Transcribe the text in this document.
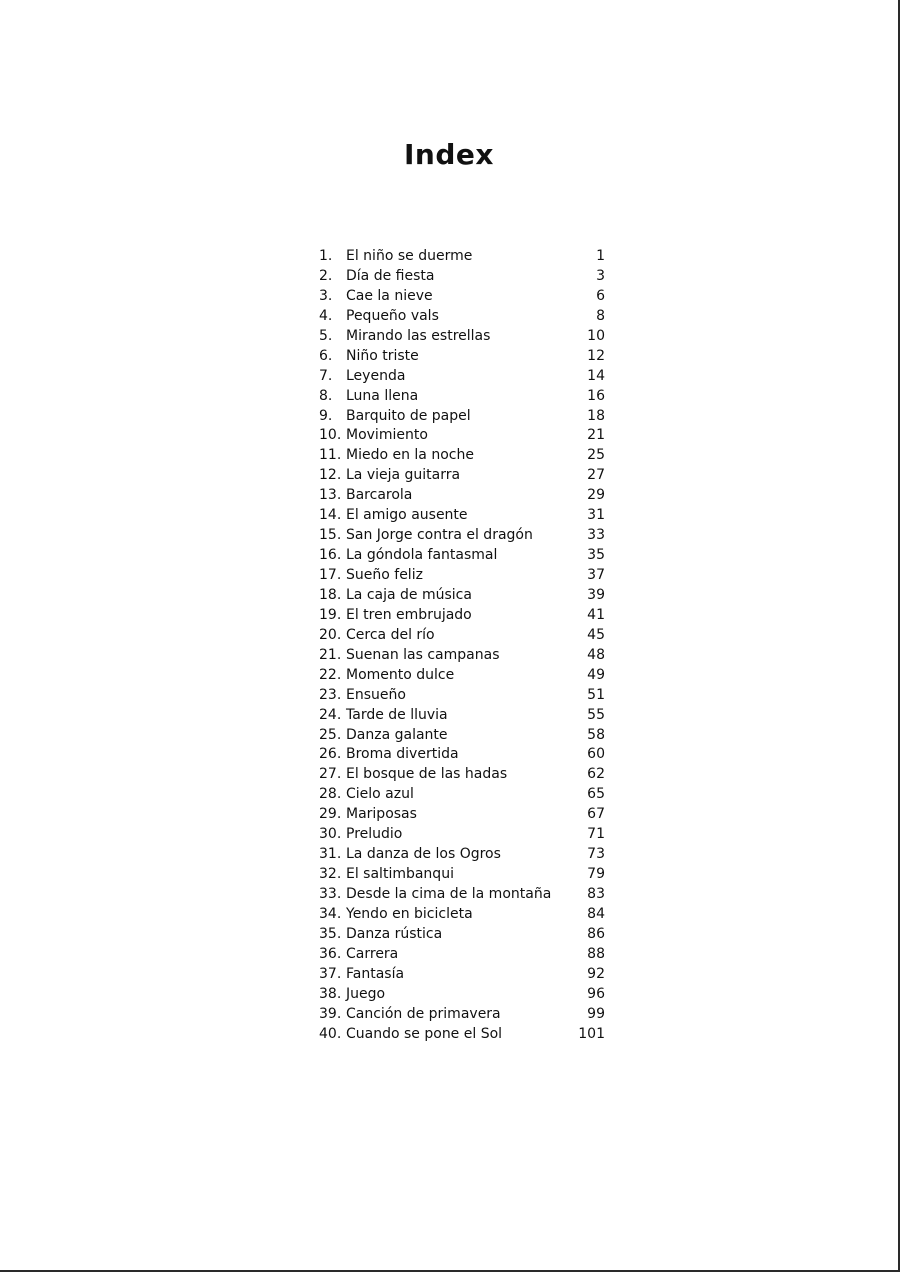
Index
1. El niño se duerme	1
2. Día de fiesta	3
3. Cae la nieve	6
4. Pequeño vals	8
5. Mirando las estrellas	10
6. Niño triste	12
7. Leyenda	14
8. Luna llena	16
9. Barquito de papel	18
10. Movimiento	21
11. Miedo en la noche	25
12. La vieja guitarra	27
13. Barcarola	29
14. El amigo ausente	31
15. San Jorge contra el dragón	33
16. La góndola fantasmal	35
17. Sueño feliz	37
18. La caja de música	39
19. El tren embrujado	41
20. Cerca del río	45
21. Suenan las campanas	48
22. Momento dulce	49
23. Ensueño	51
24. Tarde de lluvia	55
25. Danza galante	58
26. Broma divertida	60
27. El bosque de las hadas	62
28. Cielo azul	65
29. Mariposas	67
30. Preludio	71
31. La danza de los Ogros	73
32. El saltimbanqui	79
33. Desde la cima de la montaña	83
34. Yendo en bicicleta	84
35. Danza rústica	86
36. Carrera	88
37. Fantasía	92
38. Juego	96
39. Canción de primavera	99
40. Cuando se pone el Sol	101
